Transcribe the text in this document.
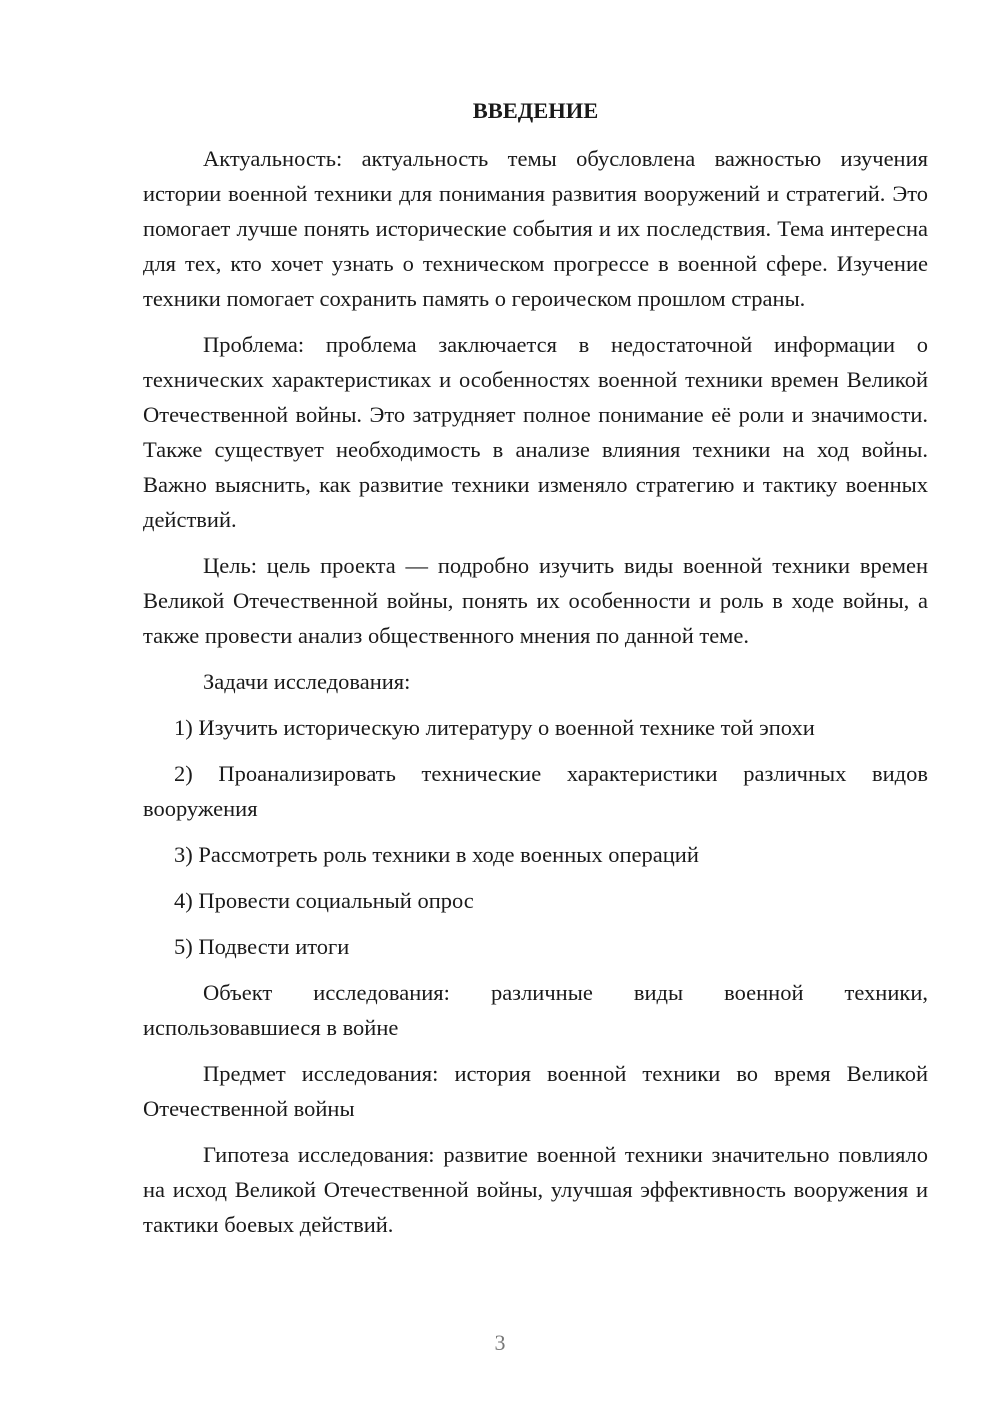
ВВЕДЕНИЕ

Актуальность: актуальность темы обусловлена важностью изучения истории военной техники для понимания развития вооружений и стратегий. Это помогает лучше понять исторические события и их последствия. Тема интересна для тех, кто хочет узнать о техническом прогрессе в военной сфере. Изучение техники помогает сохранить память о героическом прошлом страны.

Проблема: проблема заключается в недостаточной информации о технических характеристиках и особенностях военной техники времен Великой Отечественной войны. Это затрудняет полное понимание её роли и значимости. Также существует необходимость в анализе влияния техники на ход войны. Важно выяснить, как развитие техники изменяло стратегию и тактику военных действий.

Цель: цель проекта — подробно изучить виды военной техники времен Великой Отечественной войны, понять их особенности и роль в ходе войны, а также провести анализ общественного мнения по данной теме.

Задачи исследования:

1) Изучить историческую литературу о военной технике той эпохи

2) Проанализировать технические характеристики различных видов вооружения

3) Рассмотреть роль техники в ходе военных операций

4) Провести социальный опрос

5) Подвести итоги

Объект исследования: различные виды военной техники, использовавшиеся в войне

Предмет исследования: история военной техники во время Великой Отечественной войны

Гипотеза исследования: развитие военной техники значительно повлияло на исход Великой Отечественной войны, улучшая эффективность вооружения и тактики боевых действий.

3
